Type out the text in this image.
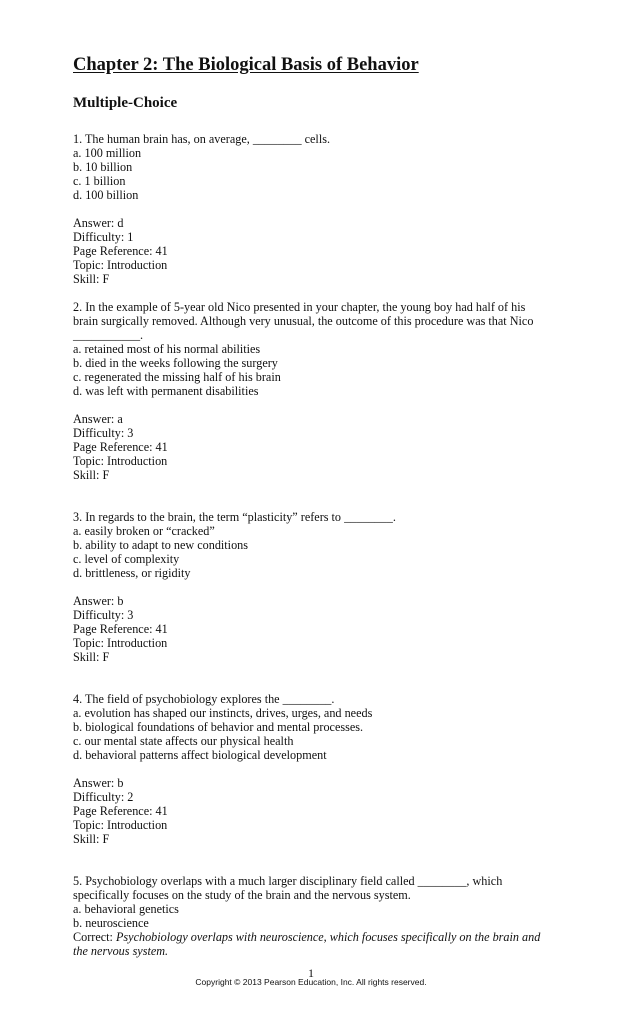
Chapter 2: The Biological Basis of Behavior
Multiple-Choice
1. The human brain has, on average, ________ cells.
a. 100 million
b. 10 billion
c. 1 billion
d. 100 billion
Answer: d
Difficulty: 1
Page Reference: 41
Topic: Introduction
Skill: F
2. In the example of 5-year old Nico presented in your chapter, the young boy had half of his
brain surgically removed. Although very unusual, the outcome of this procedure was that Nico
___________.
a. retained most of his normal abilities
b. died in the weeks following the surgery
c. regenerated the missing half of his brain
d. was left with permanent disabilities
Answer: a
Difficulty: 3
Page Reference: 41
Topic: Introduction
Skill: F
3. In regards to the brain, the term “plasticity” refers to ________.
a. easily broken or “cracked”
b. ability to adapt to new conditions
c. level of complexity
d. brittleness, or rigidity
Answer: b
Difficulty: 3
Page Reference: 41
Topic: Introduction
Skill: F
4. The field of psychobiology explores the ________.
a. evolution has shaped our instincts, drives, urges, and needs
b. biological foundations of behavior and mental processes.
c. our mental state affects our physical health
d. behavioral patterns affect biological development
Answer: b
Difficulty: 2
Page Reference: 41
Topic: Introduction
Skill: F
5. Psychobiology overlaps with a much larger disciplinary field called ________, which
specifically focuses on the study of the brain and the nervous system.
a. behavioral genetics
b. neuroscience
Correct: Psychobiology overlaps with neuroscience, which focuses specifically on the brain and
the nervous system.
1
Copyright © 2013 Pearson Education, Inc. All rights reserved.
